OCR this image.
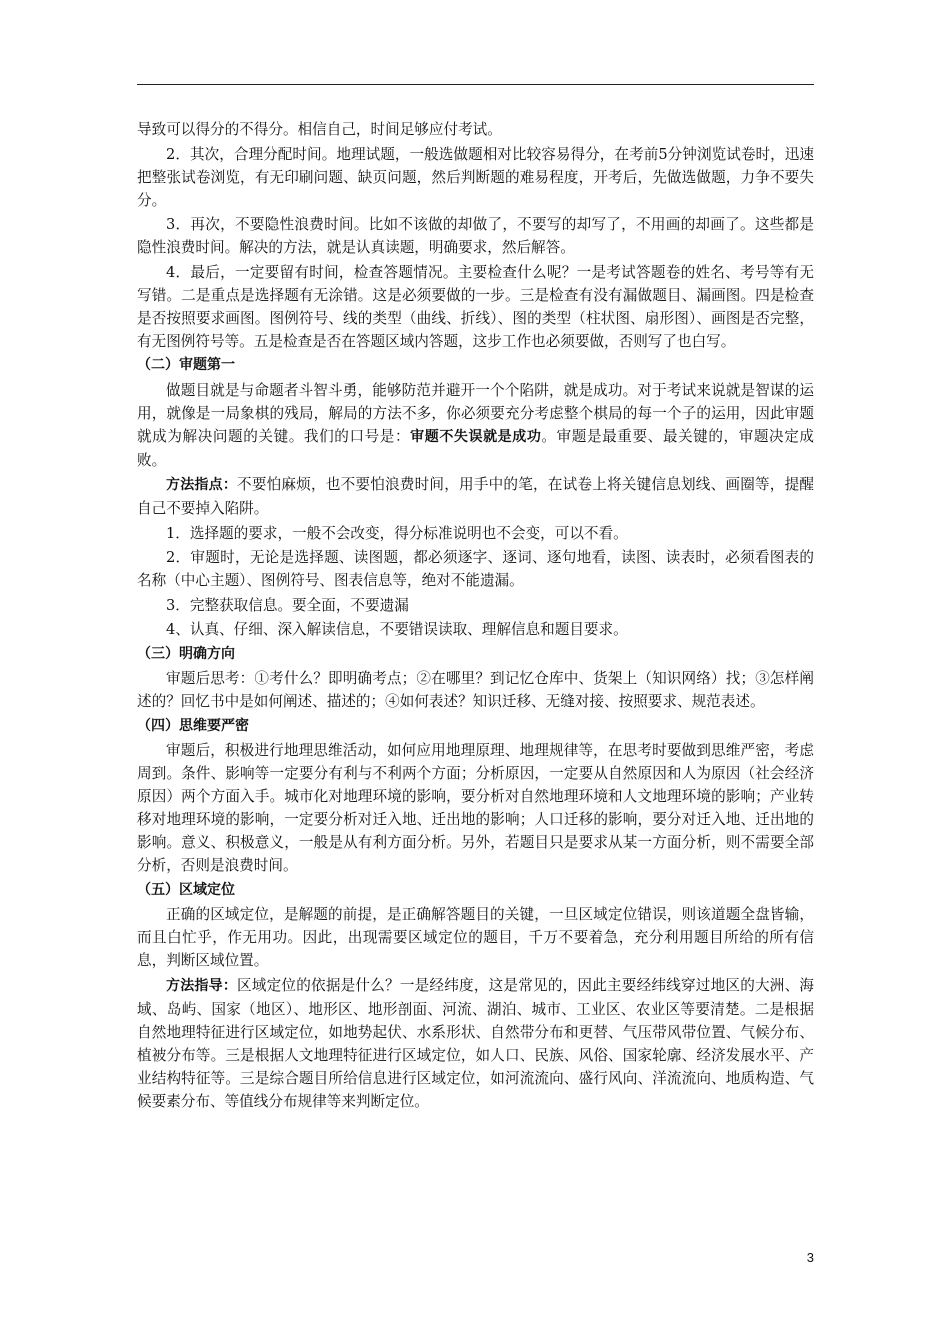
导致可以得分的不得分。相信自己，时间足够应付考试。

2．其次，合理分配时间。地理试题，一般选做题相对比较容易得分，在考前5分钟浏览试卷时，迅速把整张试卷浏览，有无印刷问题、缺页问题，然后判断题的难易程度，开考后，先做选做题，力争不要失分。

3．再次，不要隐性浪费时间。比如不该做的却做了，不要写的却写了，不用画的却画了。这些都是隐性浪费时间。解决的方法，就是认真读题，明确要求，然后解答。

4．最后，一定要留有时间，检查答题情况。主要检查什么呢？一是考试答题卷的姓名、考号等有无写错。二是重点是选择题有无涂错。这是必须要做的一步。三是检查有没有漏做题目、漏画图。四是检查是否按照要求画图。图例符号、线的类型（曲线、折线）、图的类型（柱状图、扇形图）、画图是否完整，有无图例符号等。五是检查是否在答题区域内答题，这步工作也必须要做，否则写了也白写。

（二）审题第一

做题目就是与命题者斗智斗勇，能够防范并避开一个个陷阱，就是成功。对于考试来说就是智谋的运用，就像是一局象棋的残局，解局的方法不多，你必须要充分考虑整个棋局的每一个子的运用，因此审题就成为解决问题的关键。我们的口号是：审题不失误就是成功。审题是最重要、最关键的，审题决定成败。

方法指点：不要怕麻烦，也不要怕浪费时间，用手中的笔，在试卷上将关键信息划线、画圈等，提醒自己不要掉入陷阱。

1．选择题的要求，一般不会改变，得分标准说明也不会变，可以不看。

2．审题时，无论是选择题、读图题，都必须逐字、逐词、逐句地看，读图、读表时，必须看图表的名称（中心主题）、图例符号、图表信息等，绝对不能遗漏。

3．完整获取信息。要全面，不要遗漏

4、认真、仔细、深入解读信息，不要错误读取、理解信息和题目要求。

（三）明确方向

审题后思考：①考什么？即明确考点；②在哪里？到记忆仓库中、货架上（知识网络）找；③怎样阐述的？回忆书中是如何阐述、描述的；④如何表述？知识迁移、无缝对接、按照要求、规范表述。

（四）思维要严密

审题后，积极进行地理思维活动，如何应用地理原理、地理规律等，在思考时要做到思维严密，考虑周到。条件、影响等一定要分有利与不利两个方面；分析原因，一定要从自然原因和人为原因（社会经济原因）两个方面入手。城市化对地理环境的影响，要分析对自然地理环境和人文地理环境的影响；产业转移对地理环境的影响，一定要分析对迁入地、迁出地的影响；人口迁移的影响，要分对迁入地、迁出地的影响。意义、积极意义，一般是从有利方面分析。另外，若题目只是要求从某一方面分析，则不需要全部分析，否则是浪费时间。

（五）区域定位

正确的区域定位，是解题的前提，是正确解答题目的关键，一旦区域定位错误，则该道题全盘皆输，而且白忙乎，作无用功。因此，出现需要区域定位的题目，千万不要着急，充分利用题目所给的所有信息，判断区域位置。

方法指导：区域定位的依据是什么？一是经纬度，这是常见的，因此主要经纬线穿过地区的大洲、海域、岛屿、国家（地区）、地形区、地形剖面、河流、湖泊、城市、工业区、农业区等要清楚。二是根据自然地理特征进行区域定位，如地势起伏、水系形状、自然带分布和更替、气压带风带位置、气候分布、植被分布等。三是根据人文地理特征进行区域定位，如人口、民族、风俗、国家轮廓、经济发展水平、产业结构特征等。三是综合题目所给信息进行区域定位，如河流流向、盛行风向、洋流流向、地质构造、气候要素分布、等值线分布规律等来判断定位。

3
